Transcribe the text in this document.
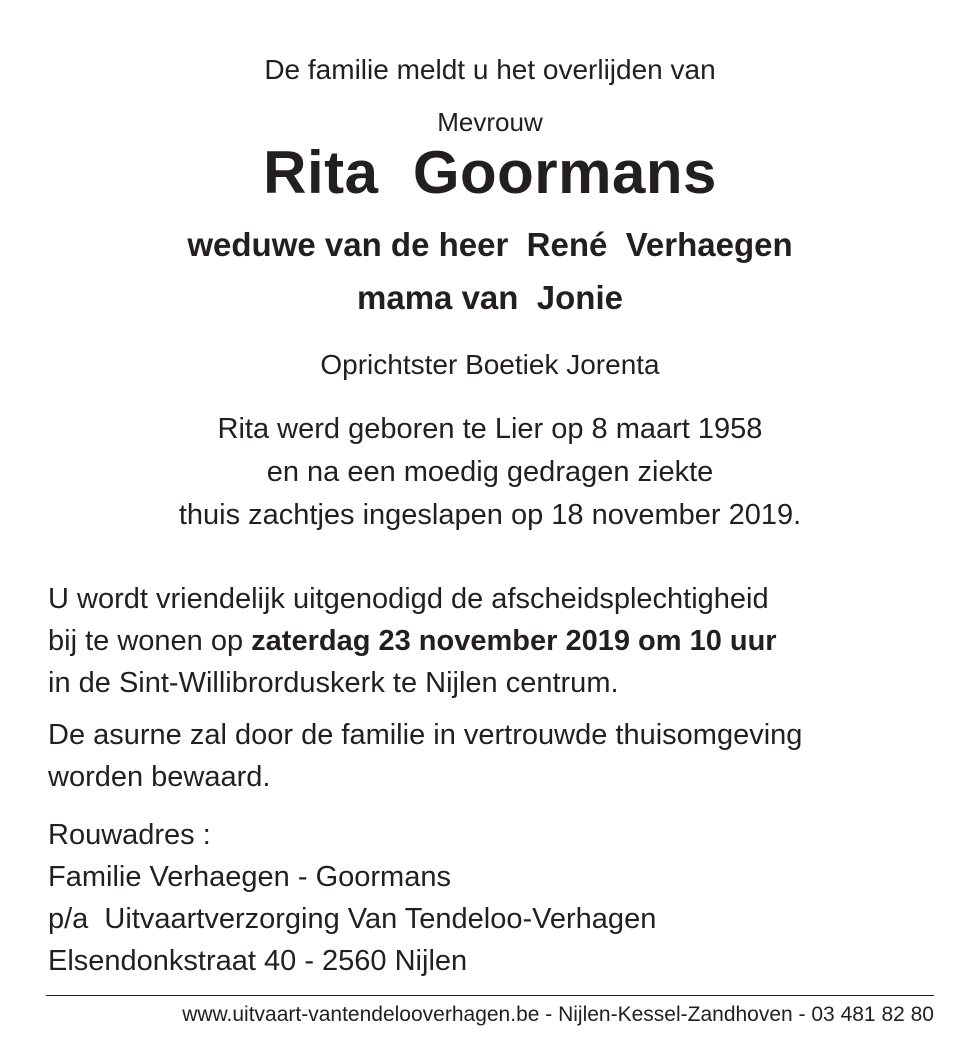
De familie meldt u het overlijden van
Mevrouw
Rita  Goormans
weduwe van de heer  René  Verhaegen
mama van  Jonie
Oprichtster Boetiek Jorenta
Rita werd geboren te Lier op 8 maart 1958
en na een moedig gedragen ziekte
thuis zachtjes ingeslapen op 18 november 2019.
U wordt vriendelijk uitgenodigd de afscheidsplechtigheid
bij te wonen op zaterdag 23 november 2019 om 10 uur
in de Sint-Willibrorduskerk te Nijlen centrum.
De asurne zal door de familie in vertrouwde thuisomgeving
worden bewaard.
Rouwadres :
Familie Verhaegen - Goormans
p/a  Uitvaartverzorging Van Tendeloo-Verhagen
Elsendonkstraat 40 - 2560 Nijlen
www.uitvaart-vantendelooverhagen.be - Nijlen-Kessel-Zandhoven - 03 481 82 80
